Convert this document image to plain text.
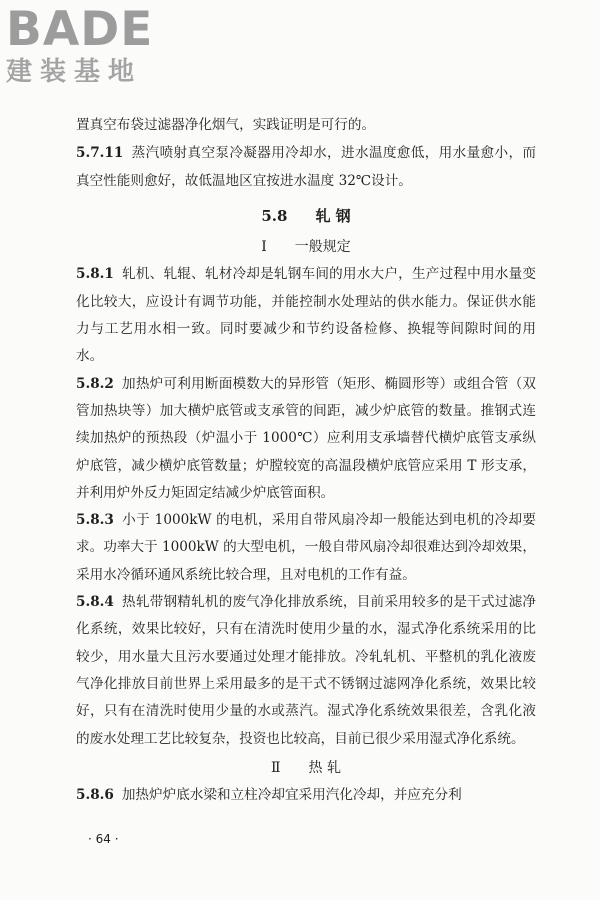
BADE
建装基地

置真空布袋过滤器净化烟气，实践证明是可行的。

5.7.11 蒸汽喷射真空泵冷凝器用冷却水，进水温度愈低，用水量愈小，而真空性能则愈好，故低温地区宜按进水温度 32℃设计。

5.8 轧 钢
Ⅰ 一般规定

5.8.1 轧机、轧辊、轧材冷却是轧钢车间的用水大户，生产过程中用水量变化比较大，应设计有调节功能，并能控制水处理站的供水能力。保证供水能力与工艺用水相一致。同时要减少和节约设备检修、换辊等间隙时间的用水。

5.8.2 加热炉可利用断面模数大的异形管（矩形、椭圆形等）或组合管（双管加热块等）加大横炉底管或支承管的间距，减少炉底管的数量。推钢式连续加热炉的预热段（炉温小于 1000℃）应利用支承墙替代横炉底管支承纵炉底管，减少横炉底管数量；炉膛较宽的高温段横炉底管应采用 T 形支承，并利用炉外反力矩固定结减少炉底管面积。

5.8.3 小于 1000kW 的电机，采用自带风扇冷却一般能达到电机的冷却要求。功率大于 1000kW 的大型电机，一般自带风扇冷却很难达到冷却效果，采用水冷循环通风系统比较合理，且对电机的工作有益。

5.8.4 热轧带钢精轧机的废气净化排放系统，目前采用较多的是干式过滤净化系统，效果比较好，只有在清洗时使用少量的水，湿式净化系统采用的比较少，用水量大且污水要通过处理才能排放。冷轧轧机、平整机的乳化液废气净化排放目前世界上采用最多的是干式不锈钢过滤网净化系统，效果比较好，只有在清洗时使用少量的水或蒸汽。湿式净化系统效果很差，含乳化液的废水处理工艺比较复杂，投资也比较高，目前已很少采用湿式净化系统。

Ⅱ 热 轧

5.8.6 加热炉炉底水梁和立柱冷却宜采用汽化冷却，并应充分利

· 64 ·
